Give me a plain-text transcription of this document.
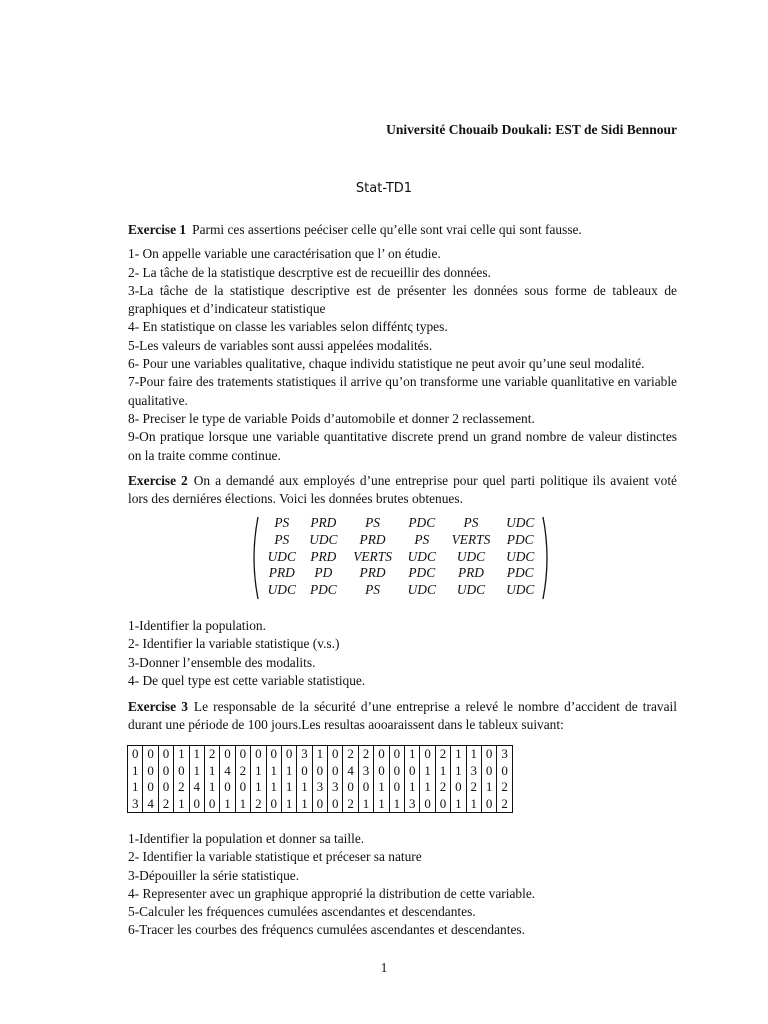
Université Chouaib Doukali: EST de Sidi Bennour
Stat-TD1

Exercise 1 Parmi ces assertions peéciser celle qu’elle sont vrai celle qui sont fausse.

1- On appelle variable une caractérisation que l’ on étudie.

2- La tâche de la statistique descrptive est de recueillir des données.

3-La tâche de la statistique descriptive est de présenter les données sous forme de tableaux de graphiques et d’indicateur statistique

4- En statistique on classe les variables selon difféntς types.

5-Les valeurs de variables sont aussi appelées modalités.

6- Pour une variables qualitative, chaque individu statistique ne peut avoir qu’une seul modalité.

7-Pour faire des tratements statistiques il arrive qu’on transforme une variable quanlitative en variable qualitative.

8- Preciser le type de variable Poids d’automobile et donner 2 reclassement.

9-On pratique lorsque une variable quantitative discrete prend un grand nombre de valeur distinctes on la traite comme continue.

Exercise 2 On a demandé aux employés d’une entreprise pour quel parti politique ils avaient voté lors des derniéres élections. Voici les données brutes obtenues.

PS	PRD	PS	PDC	PS	UDC
PS	UDC	PRD	PS	VERTS	PDC
UDC	PRD	VERTS	UDC	UDC	UDC
PRD	PD	PRD	PDC	PRD	PDC
UDC	PDC	PS	UDC	UDC	UDC

1-Identifier la population.

2- Identifier la variable statistique (v.s.)

3-Donner l’ensemble des modalits.

4- De quel type est cette variable statistique.

Exercise 3 Le responsable de la sécurité d’une entreprise a relevé le nombre d’accident de travail durant une période de 100 jours.Les resultas aooaraissent dans le tableux suivant:

0	0	0	1	1	2	0	0	0	0	0	3	1	0	2	2	0	0	1	0	2	1	1	0	3
1	0	0	0	1	1	4	2	1	1	1	0	0	0	4	3	0	0	0	1	1	1	3	0	0
1	0	0	2	4	1	0	0	1	1	1	1	3	3	0	0	1	0	1	1	2	0	2	1	2
3	4	2	1	0	0	1	1	2	0	1	1	0	0	2	1	1	1	3	0	0	1	1	0	2

1-Identifier la population et donner sa taille.

2- Identifier la variable statistique et préceser sa nature

3-Dépouiller la série statistique.

4- Representer avec un graphique approprié la distribution de cette variable.

5-Calculer les fréquences cumulées ascendantes et descendantes.

6-Tracer les courbes des fréquencs cumulées ascendantes et descendantes.

1
